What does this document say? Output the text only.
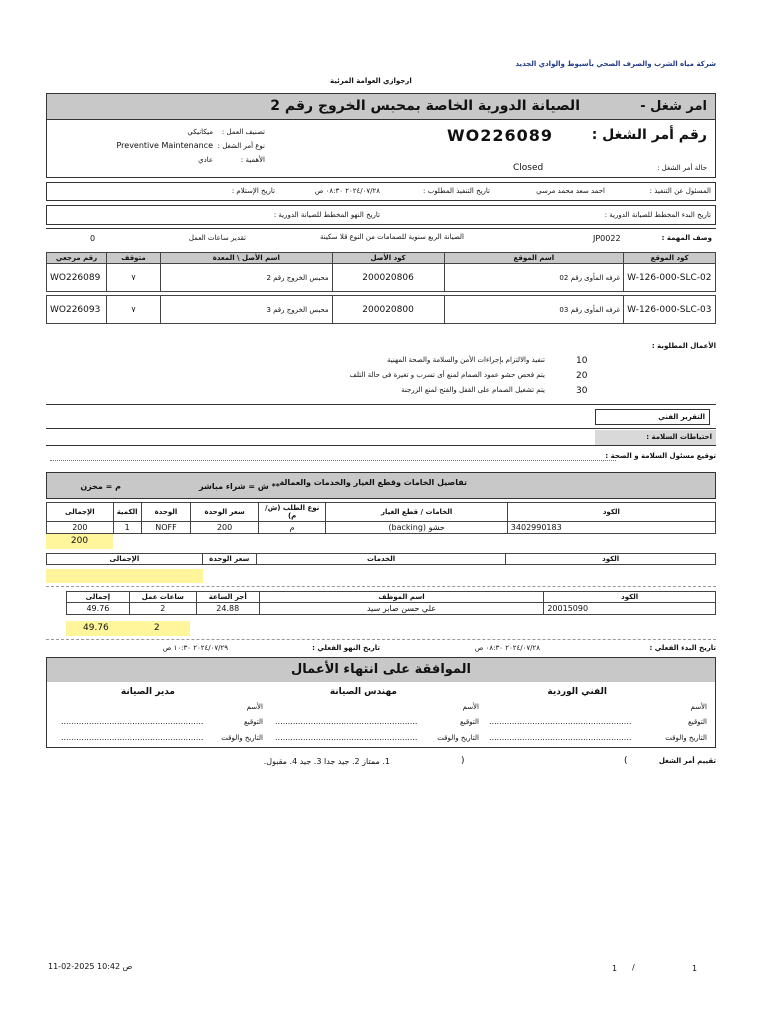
شركة مياه الشرب والصرف الصحي بأسيوط والوادي الجديد
ارجوازي العوامة المرئية
امر شغل -
الصيانة الدورية الخاصة بمحبس الخروج رقم 2
رقم أمر الشغل :
WO226089
حالة أمر الشغل :
Closed
تصنيف العمل :
ميكانيكي
نوع أمر الشغل :
Preventive Maintenance
الأهمية :
عادي
المسئول عن التنفيذ :
احمد سعد محمد مرسي
تاريخ التنفيذ المطلوب :
٢٠٢٤/٠٧/٢٨ ٠٨:٣٠ ص
تاريخ الإستلام :
تاريخ البدء المخطط للصيانة الدورية :
تاريخ النهو المخطط للصيانة الدورية :
وصف المهمة :
JP0022
الصيانة الربع سنوية للصمامات من النوع قلا سكينة
تقدير ساعات العمل
0
كود الموقع	اسم الموقع	كود الأصل	اسم الأصل \ المعدة	متوقف	رقم مرجعي
W-126-000-SLC-02	غرفه المأوى رقم 02	200020806	محبس الخروج رقم 2	٧	WO226089

W-126-000-SLC-03	غرفه المأوى رقم 03	200020800	محبس الخروج رقم 3	٧	WO226093
الأعمال المطلوبة :
10
تنفيذ والالتزام بإجراءات الأمن والسلامة والصحة المهنية
20
يتم فحص حشو عمود الصمام لمنع أى تسرب و تغيرة فى حالة التلف
30
يتم تشغيل الصمام على القفل والفتح لمنع الزرجنة
التقرير الفني
احتياطات السلامة :
توقيع مسئول السلامة و الصحة :
تفاصيل الخامات وقطع الغيار والخدمات والعمالة
** ش = شراء مباشر
م = مخزن
الكود	الخامات / قطع الغيار	نوع الطلب (ش/م)	سعر الوحدة	الوحدة	الكمية	الإجمالى
3402990183	حشو (backing)	م	200	NOFF	1	200
200
الكود	الخدمات	سعر الوحدة	الإجمالى
الكود	اسم الموظف	أجر الساعة	ساعات عمل	إجمالى
20015090	علي حسن صابر سيد	24.88	2	49.76
49.76	2
تاريخ البدء الفعلي :
٢٠٢٤/٠٧/٢٨ ٠٨:٣٠ ص
تاريخ النهو الفعلي :
٢٠٢٤/٠٧/٢٩ ١٠:٣٠ ص
الموافقة على انتهاء الأعمال
الفني الوردية
مهندس الصيانة
مدير الصيانة
الأسم
التوقيع
التاريخ والوقت
........................................................
........................................................
الأسم
التوقيع
التاريخ والوقت
........................................................
........................................................
الأسم
التوقيع
التاريخ والوقت
........................................................
........................................................
تقييم أمر الشغل
(
)
1. ممتاز 2. جيد جدا 3. جيد 4. مقبول.
11-02-2025 10:42 ص	1 /	1
